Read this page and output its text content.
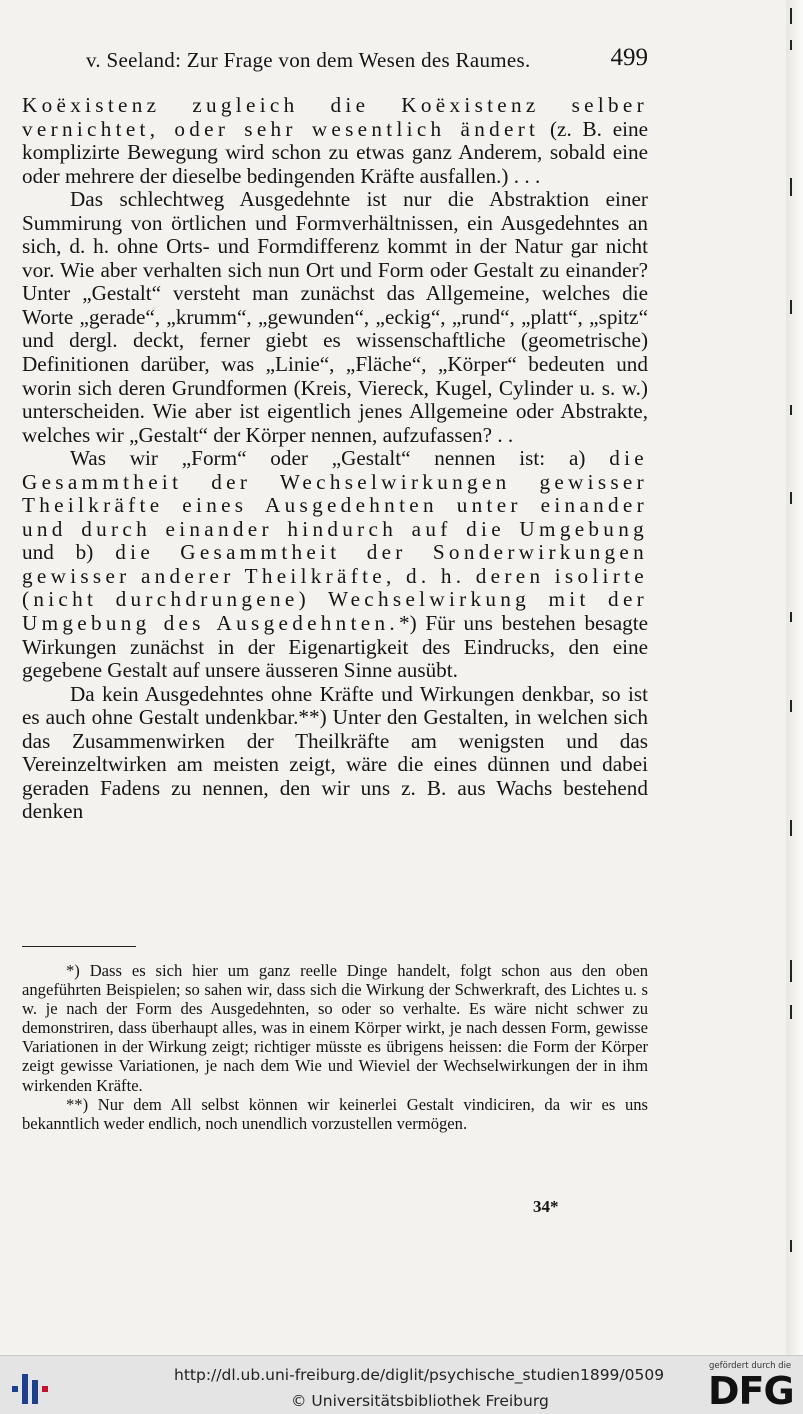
v. Seeland: Zur Frage von dem Wesen des Raumes.	499

Koëxistenz zugleich die Koëxistenz selber vernichtet, oder sehr wesentlich ändert (z. B. eine komplizirte Bewegung wird schon zu etwas ganz Anderem, sobald eine oder mehrere der dieselbe bedingenden Kräfte ausfallen.) . . .

Das schlechtweg Ausgedehnte ist nur die Abstraktion einer Summirung von örtlichen und Formverhältnissen, ein Ausgedehntes an sich, d. h. ohne Orts- und Formdifferenz kommt in der Natur gar nicht vor. Wie aber verhalten sich nun Ort und Form oder Gestalt zu einander? Unter „Gestalt“ versteht man zunächst das Allgemeine, welches die Worte „gerade“, „krumm“, „gewunden“, „eckig“, „rund“, „platt“, „spitz“ und dergl. deckt, ferner giebt es wissenschaftliche (geometrische) Definitionen darüber, was „Linie“, „Fläche“, „Körper“ bedeuten und worin sich deren Grundformen (Kreis, Viereck, Kugel, Cylinder u. s. w.) unterscheiden. Wie aber ist eigentlich jenes Allgemeine oder Abstrakte, welches wir „Gestalt“ der Körper nennen, aufzufassen? . .

Was wir „Form“ oder „Gestalt“ nennen ist: a) die Gesammtheit der Wechselwirkungen gewisser Theilkräfte eines Ausgedehnten unter einander und durch einander hindurch auf die Umgebung und b) die Gesammtheit der Sonderwirkungen gewisser anderer Theilkräfte, d. h. deren isolirte (nicht durchdrungene) Wechselwirkung mit der Umgebung des Ausgedehnten.*) Für uns bestehen besagte Wirkungen zunächst in der Eigenartigkeit des Eindrucks, den eine gegebene Gestalt auf unsere äusseren Sinne ausübt.

Da kein Ausgedehntes ohne Kräfte und Wirkungen denkbar, so ist es auch ohne Gestalt undenkbar.**) Unter den Gestalten, in welchen sich das Zusammenwirken der Theilkräfte am wenigsten und das Vereinzeltwirken am meisten zeigt, wäre die eines dünnen und dabei geraden Fadens zu nennen, den wir uns z. B. aus Wachs bestehend denken

*) Dass es sich hier um ganz reelle Dinge handelt, folgt schon aus den oben angeführten Beispielen; so sahen wir, dass sich die Wirkung der Schwerkraft, des Lichtes u. s w. je nach der Form des Ausgedehnten, so oder so verhalte. Es wäre nicht schwer zu demonstriren, dass überhaupt alles, was in einem Körper wirkt, je nach dessen Form, gewisse Variationen in der Wirkung zeigt; richtiger müsste es übrigens heissen: die Form der Körper zeigt gewisse Variationen, je nach dem Wie und Wieviel der Wechselwirkungen der in ihm wirkenden Kräfte.

**) Nur dem All selbst können wir keinerlei Gestalt vindiciren, da wir es uns bekanntlich weder endlich, noch unendlich vorzustellen vermögen.

34*
http://dl.ub.uni-freiburg.de/diglit/psychische_studien1899/0509
© Universitätsbibliothek Freiburg
gefördert durch die
DFG
